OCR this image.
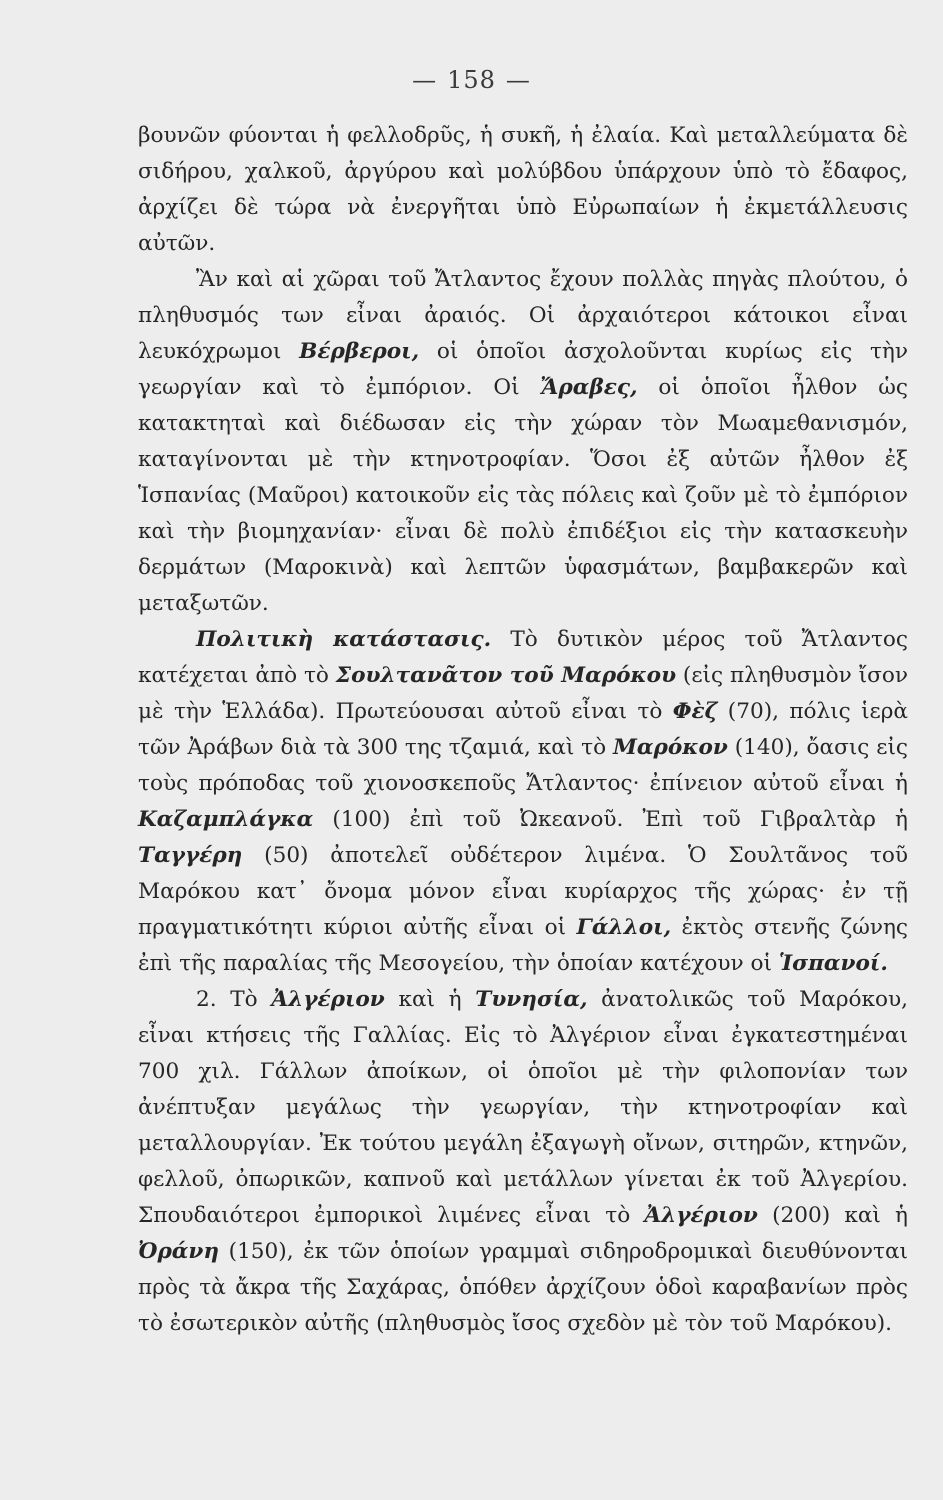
— 158 —

βουνῶν φύονται ἡ φελλοδρῦς, ἡ συκῆ, ἡ ἐλαία. Καὶ μεταλλεύματα δὲ σιδήρου, χαλκοῦ, ἀργύρου καὶ μολύβδου ὑπάρχουν ὑπὸ τὸ ἔδαφος, ἀρχίζει δὲ τώρα νὰ ἐνεργῆται ὑπὸ Εὐρωπαίων ἡ ἐκμετάλλευσις αὐτῶν.

Ἂν καὶ αἱ χῶραι τοῦ Ἄτλαντος ἔχουν πολλὰς πηγὰς πλούτου, ὁ πληθυσμός των εἶναι ἀραιός. Οἱ ἀρχαιότεροι κάτοικοι εἶναι λευκόχρωμοι Βέρβεροι, οἱ ὁποῖοι ἀσχολοῦνται κυρίως εἰς τὴν γεωργίαν καὶ τὸ ἐμπόριον. Οἱ Ἄραβες, οἱ ὁποῖοι ἦλθον ὡς κατακτηταὶ καὶ διέδωσαν εἰς τὴν χώραν τὸν Μωαμεθανισμόν, καταγίνονται μὲ τὴν κτηνοτροφίαν. Ὅσοι ἐξ αὐτῶν ἦλθον ἐξ Ἱσπανίας (Μαῦροι) κατοικοῦν εἰς τὰς πόλεις καὶ ζοῦν μὲ τὸ ἐμπόριον καὶ τὴν βιομηχανίαν· εἶναι δὲ πολὺ ἐπιδέξιοι εἰς τὴν κατασκευὴν δερμάτων (Μαροκινὰ) καὶ λεπτῶν ὑφασμάτων, βαμβακερῶν καὶ μεταξωτῶν.

Πολιτικὴ κατάστασις. Τὸ δυτικὸν μέρος τοῦ Ἄτλαντος κατέχεται ἀπὸ τὸ Σουλτανᾶτον τοῦ Μαρόκου (εἰς πληθυσμὸν ἴσον μὲ τὴν Ἑλλάδα). Πρωτεύουσαι αὐτοῦ εἶναι τὸ Φὲζ (70), πόλις ἱερὰ τῶν Ἀράβων διὰ τὰ 300 της τζαμιά, καὶ τὸ Μαρόκον (140), ὄασις εἰς τοὺς πρόποδας τοῦ χιονοσκεποῦς Ἄτλαντος· ἐπίνειον αὐτοῦ εἶναι ἡ Καζαμπλάγκα (100) ἐπὶ τοῦ Ὠκεανοῦ. Ἐπὶ τοῦ Γιβραλτὰρ ἡ Ταγγέρη (50) ἀποτελεῖ οὐδέτερον λιμένα. Ὁ Σουλτᾶνος τοῦ Μαρόκου κατ᾽ ὄνομα μόνον εἶναι κυρίαρχος τῆς χώρας· ἐν τῇ πραγματικότητι κύριοι αὐτῆς εἶναι οἱ Γάλλοι, ἐκτὸς στενῆς ζώνης ἐπὶ τῆς παραλίας τῆς Μεσογείου, τὴν ὁποίαν κατέχουν οἱ Ἱσπανοί.

2. Τὸ Ἀλγέριον καὶ ἡ Τυνησία, ἀνατολικῶς τοῦ Μαρόκου, εἶναι κτήσεις τῆς Γαλλίας. Εἰς τὸ Ἀλγέριον εἶναι ἐγκατεστημέναι 700 χιλ. Γάλλων ἀποίκων, οἱ ὁποῖοι μὲ τὴν φιλοπονίαν των ἀνέπτυξαν μεγάλως τὴν γεωργίαν, τὴν κτηνοτροφίαν καὶ μεταλλουργίαν. Ἐκ τούτου μεγάλη ἐξαγωγὴ οἴνων, σιτηρῶν, κτηνῶν, φελλοῦ, ὀπωρικῶν, καπνοῦ καὶ μετάλλων γίνεται ἐκ τοῦ Ἀλγερίου. Σπουδαιότεροι ἐμπορικοὶ λιμένες εἶναι τὸ Ἀλγέριον (200) καὶ ἡ Ὀράνη (150), ἐκ τῶν ὁποίων γραμμαὶ σιδηροδρομικαὶ διευθύνονται πρὸς τὰ ἄκρα τῆς Σαχάρας, ὁπόθεν ἀρχίζουν ὁδοὶ καραβανίων πρὸς τὸ ἐσωτερικὸν αὐτῆς (πληθυσμὸς ἴσος σχεδὸν μὲ τὸν τοῦ Μαρόκου).
